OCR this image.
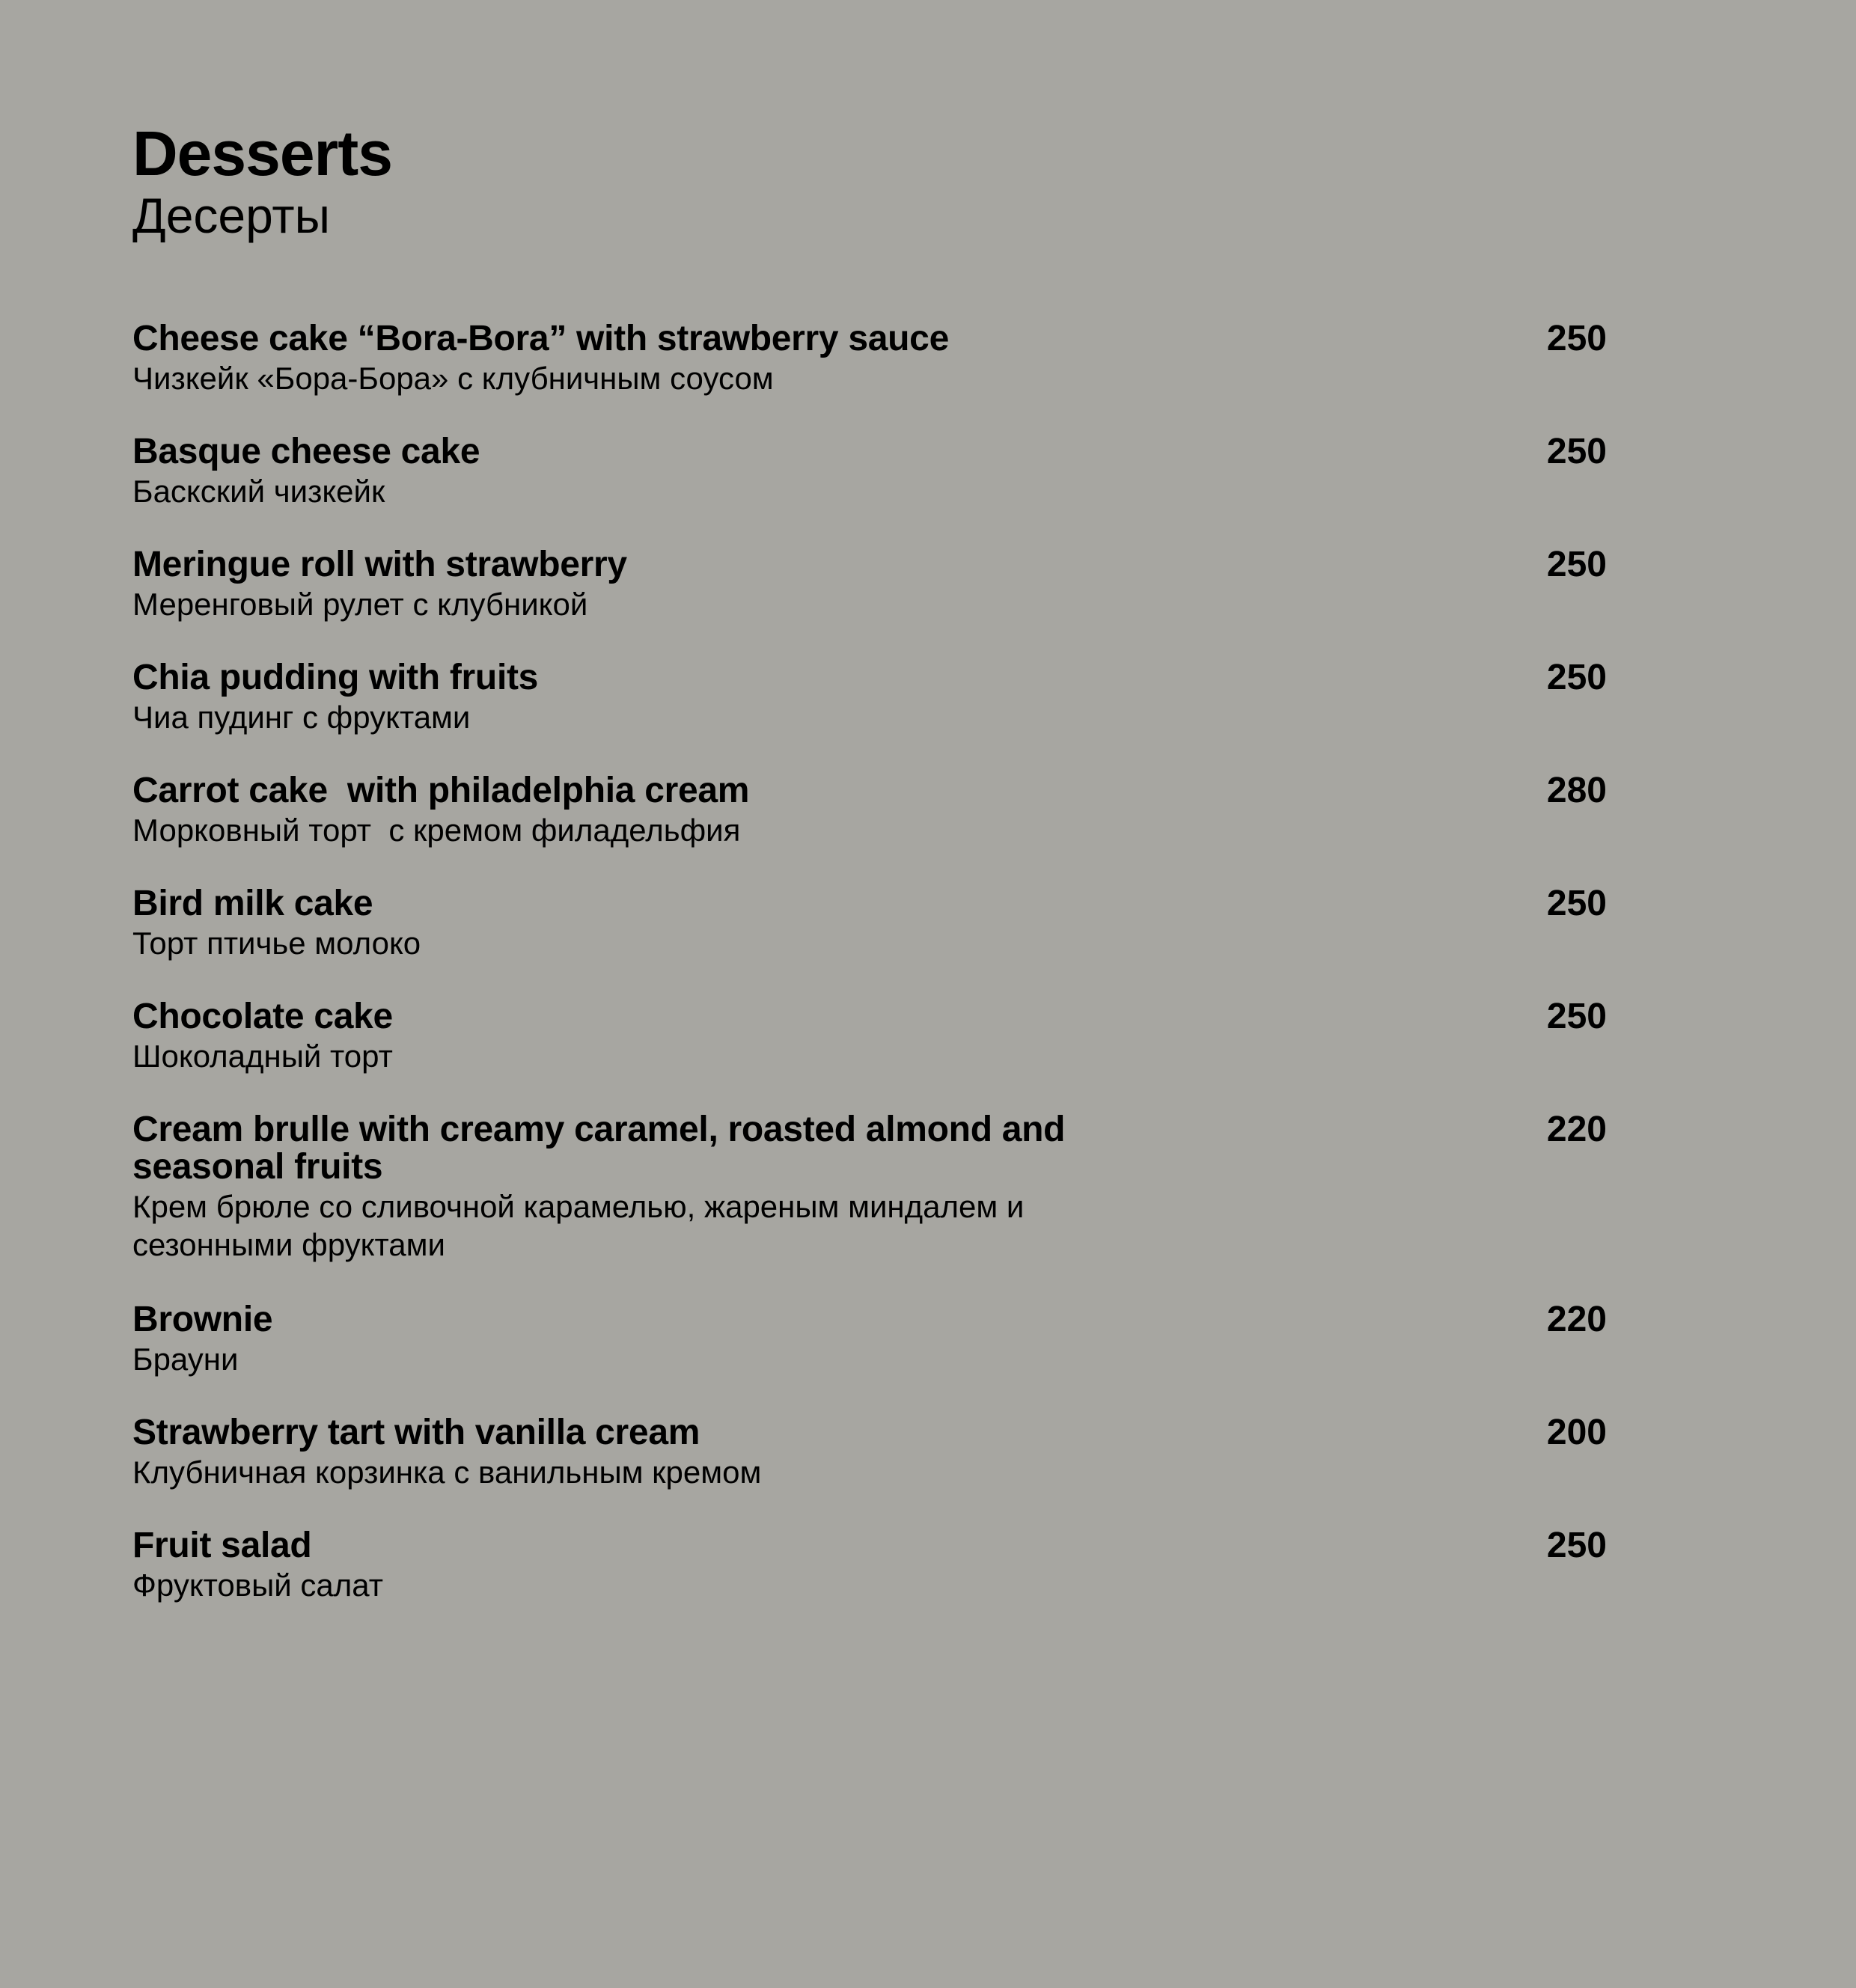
Desserts
Десерты
Cheese cake “Bora-Bora” with strawberry sauce
Чизкейк «Бора-Бора» с клубничным соусом
250
Basque cheese cake
Баскский чизкейк
250
Meringue roll with strawberry
Меренговый рулет с клубникой
250
Chia pudding with fruits
Чиа пудинг с фруктами
250
Carrot cake  with philadelphia cream
Морковный торт  с кремом филадельфия
280
Bird milk cake
Торт птичье молоко
250
Chocolate cake
Шоколадный торт
250
Cream brulle with creamy caramel, roasted almond and seasonal fruits
Крем брюле со сливочной карамелью, жареным миндалем и сезонными фруктами
220
Brownie
Брауни
220
Strawberry tart with vanilla cream
Клубничная корзинка с ванильным кремом
200
Fruit salad
Фруктовый салат
250
